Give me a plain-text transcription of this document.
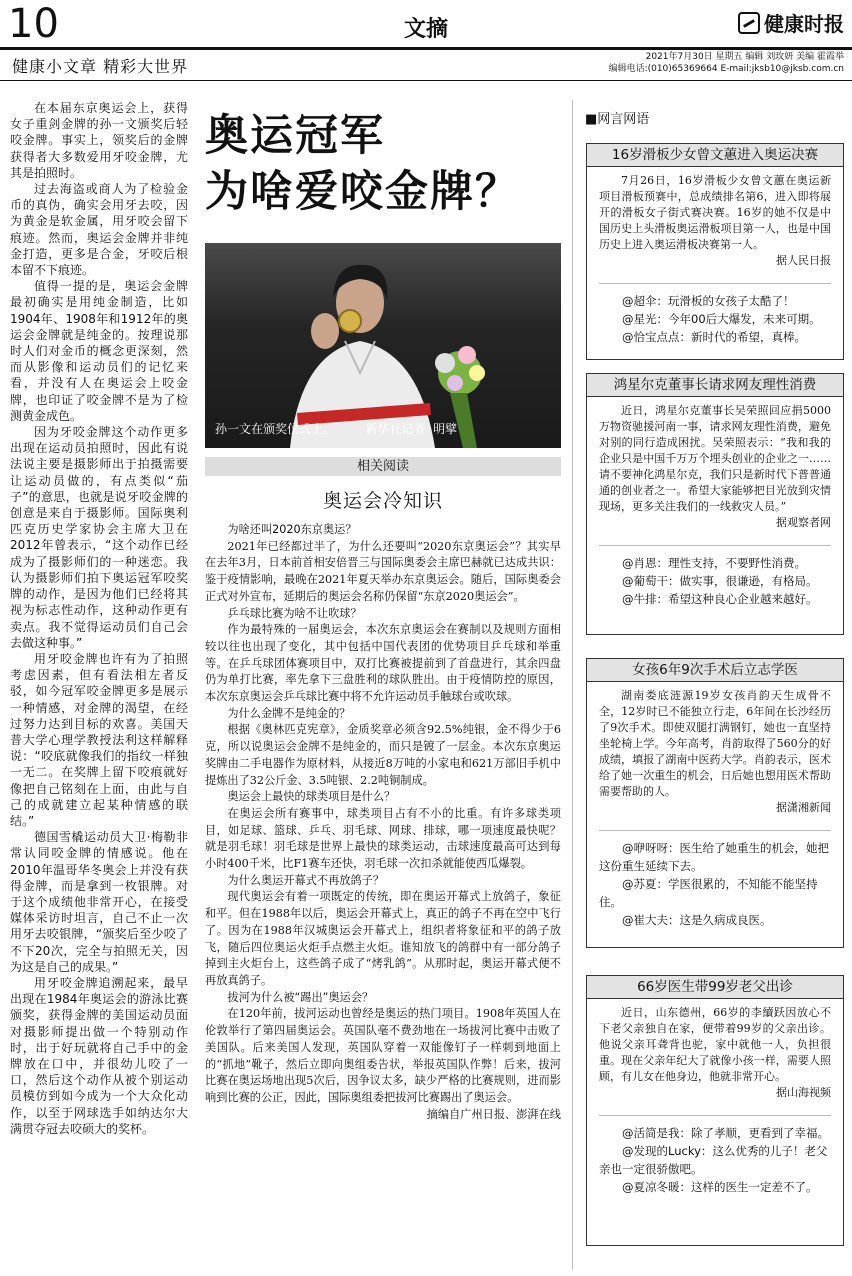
10	文摘	健康时报
健康小文章 精彩大世界	2021年7月30日 星期五 编辑 刘玫妍 美编 霍霞举
编辑电话:(010)65369664 E-mail:jksb10@jksb.com.cn

在本届东京奥运会上，获得女子重剑金牌的孙一文颁奖后轻咬金牌。事实上，领奖后的金牌获得者大多数爱用牙咬金牌，尤其是拍照时。

过去海盗或商人为了检验金币的真伪，确实会用牙去咬，因为黄金是软金属，用牙咬会留下痕迹。然而，奥运会金牌并非纯金打造，更多是合金，牙咬后根本留不下痕迹。

值得一提的是，奥运会金牌最初确实是用纯金制造，比如1904年、1908年和1912年的奥运会金牌就是纯金的。按理说那时人们对金币的概念更深刻，然而从影像和运动员们的记忆来看，并没有人在奥运会上咬金牌，也印证了咬金牌不是为了检测黄金成色。

因为牙咬金牌这个动作更多出现在运动员拍照时，因此有说法说主要是摄影师出于拍摄需要让运动员做的，有点类似“茄子”的意思，也就是说牙咬金牌的创意是来自于摄影师。国际奥利匹克历史学家协会主席大卫在2012年曾表示，“这个动作已经成为了摄影师们的一种迷恋。我认为摄影师们拍下奥运冠军咬奖牌的动作，是因为他们已经将其视为标志性动作，这种动作更有卖点。我不觉得运动员们自己会去做这种事。”

用牙咬金牌也许有为了拍照考虑因素，但有看法相左者反驳，如今冠军咬金牌更多是展示一种情感，对金牌的渴望，在经过努力达到目标的欢喜。美国天普大学心理学教授法利这样解释说：“咬底就像我们的指纹一样独一无二。在奖牌上留下咬痕就好像把自己铭刻在上面，由此与自己的成就建立起某种情感的联结。”

德国雪橇运动员大卫·梅勒非常认同咬金牌的情感说。他在2010年温哥华冬奥会上并没有获得金牌，而是拿到一枚银牌。对于这个成绩他非常开心，在接受媒体采访时坦言，自己不止一次用牙去咬银牌，“颁奖后至少咬了不下20次，完全与拍照无关，因为这是自己的成果。”

用牙咬金牌追溯起来，最早出现在1984年奥运会的游泳比赛颁奖，获得金牌的美国运动员面对摄影师提出做一个特别动作时，出于好玩就将自己手中的金牌放在口中，并很幼儿咬了一口，然后这个动作从被个别运动员模仿到如今成为一个大众化动作，以至于网球选手如纳达尔大满贯夺冠去咬硕大的奖杯。

奥运冠军
为啥爱咬金牌？
孙一文在颁奖仪式上。	新华社记者  明擘
相关阅读
奥运会冷知识

为啥还叫2020东京奥运？

2021年已经都过半了，为什么还要叫“2020东京奥运会”？其实早在去年3月，日本前首相安倍晋三与国际奥委会主席巴赫就已达成共识：鉴于疫情影响，最晚在2021年夏天举办东京奥运会。随后，国际奥委会正式对外宣布，延期后的奥运会名称仍保留“东京2020奥运会”。

乒乓球比赛为啥不让吹球？

作为最特殊的一届奥运会，本次东京奥运会在赛制以及规则方面相较以往也出现了变化，其中包括中国代表团的优势项目乒乓球和举重等。在乒乓球团体赛项目中，双打比赛被提前到了首盘进行，其余四盘仍为单打比赛，率先拿下三盘胜利的球队胜出。由于疫情防控的原因，本次东京奥运会乒乓球比赛中将不允许运动员手触球台或吹球。

为什么金牌不是纯金的？

根据《奥林匹克宪章》，金质奖章必须含92.5%纯银，金不得少于6克，所以说奥运会金牌不是纯金的，而只是镀了一层金。本次东京奥运奖牌由二手电器作为原材料，从接近8万吨的小家电和621万部旧手机中提炼出了32公斤金、3.5吨银、2.2吨铜制成。

奥运会上最快的球类项目是什么？

在奥运会所有赛事中，球类项目占有不小的比重。有许多球类项目，如足球、篮球、乒乓、羽毛球、网球、排球，哪一项速度最快呢？就是羽毛球！羽毛球是世界上最快的球类运动，击球速度最高可达到每小时400千米，比F1赛车还快，羽毛球一次扣杀就能使西瓜爆裂。

为什么奥运开幕式不再放鸽子？

现代奥运会有着一项既定的传统，即在奥运开幕式上放鸽子，象征和平。但在1988年以后，奥运会开幕式上，真正的鸽子不再在空中飞行了。因为在1988年汉城奥运会开幕式上，组织者将象征和平的鸽子放飞，随后四位奥运火炬手点燃主火炬。谁知放飞的鸽群中有一部分鸽子掉到主火炬台上，这些鸽子成了“烤乳鸽”。从那时起，奥运开幕式便不再放真鸽子。

拔河为什么被“踢出”奥运会？

在120年前，拔河运动也曾经是奥运的热门项目。1908年英国人在伦敦举行了第四届奥运会。英国队毫不费劲地在一场拔河比赛中击败了美国队。后来美国人发现，英国队穿着一双能像钉子一样刺到地面上的“抓地”靴子，然后立即向奥组委告状，举报英国队作弊！后来，拔河比赛在奥运场地出现5次后，因争议太多，缺少严格的比赛规则，进而影响到比赛的公正，因此，国际奥组委把拔河比赛踢出了奥运会。

摘编自广州日报、澎湃在线

■网言网语
16岁滑板少女曾文蕙进入奥运决赛

7月26日，16岁滑板少女曾文蕙在奥运新项目滑板预赛中，总成绩排名第6，进入即将展开的滑板女子街式赛决赛。16岁的她不仅是中国历史上头滑板奥运滑板项目第一人，也是中国历史上进入奥运滑板决赛第一人。

据人民日报

@超伞：玩滑板的女孩子太酷了！

@星光：今年00后大爆发，未来可期。

@恰宝点点：新时代的希望，真棒。

鸿星尔克董事长请求网友理性消费

近日，鸿星尔克董事长吴荣照回应捐5000万物资驰援河南一事，请求网友理性消费，避免对别的同行造成困扰。吴荣照表示：“我和我的企业只是中国千万万个埋头创业的企业之一……请不要神化鸿星尔克，我们只是新时代下普普通通的创业者之一。希望大家能够把目光放到灾情现场，更多关注我们的一线救灾人员。”

据观察者网

@肖恩：理性支持，不要野性消费。

@葡萄干：做实事，很谦逊，有格局。

@牛排：希望这种良心企业越来越好。

女孩6年9次手术后立志学医

湖南娄底涟源19岁女孩肖韵天生成骨不全，12岁时已不能独立行走，6年间在长沙经历了9次手术。即使双腿打满钢钉，她也一直坚持坐轮椅上学。今年高考，肖韵取得了560分的好成绩，填报了湖南中医药大学。肖韵表示，医术给了她一次重生的机会，日后她也想用医术帮助需要帮助的人。

据潇湘新闻

@咿呀呀：医生给了她重生的机会，她把这份重生延续下去。

@苏夏：学医很累的，不知能不能坚持住。

@崔大夫：这是久病成良医。

66岁医生带99岁老父出诊

近日，山东德州，66岁的李續跃因放心不下老父亲独自在家，便带着99岁的父亲出诊。他说父亲耳聋背也驼，家中就他一人，负担很重。现在父亲年纪大了就像小孩一样，需要人照顾，有儿女在他身边，他就非常开心。

据山海视频

@活简是我：除了孝顺，更看到了幸福。

@发现的Lucky：这么优秀的儿子！老父亲也一定很骄傲吧。

@夏凉冬暖：这样的医生一定差不了。
